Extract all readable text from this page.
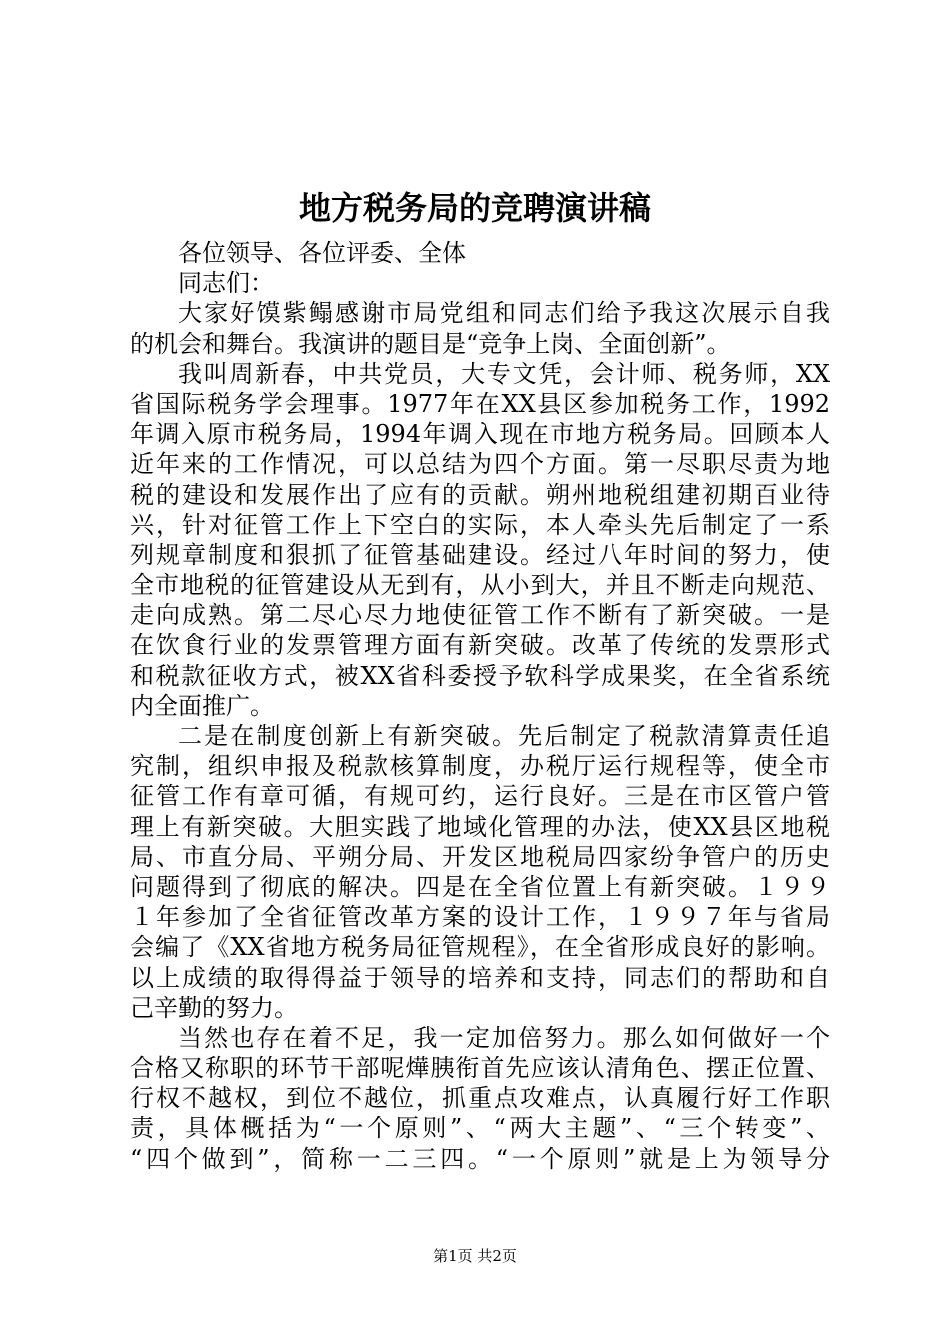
地方税务局的竞聘演讲稿
各位领导、各位评委、全体
同志们：
大家好馍紫鳎感谢市局党组和同志们给予我这次展示自我
的机会和舞台。我演讲的题目是“竞争上岗、全面创新”。
我叫周新春，中共党员，大专文凭，会计师、税务师，XX
省国际税务学会理事。1977年在XX县区参加税务工作，1992
年调入原市税务局，1994年调入现在市地方税务局。回顾本人
近年来的工作情况，可以总结为四个方面。第一尽职尽责为地
税的建设和发展作出了应有的贡献。朔州地税组建初期百业待
兴，针对征管工作上下空白的实际，本人牵头先后制定了一系
列规章制度和狠抓了征管基础建设。经过八年时间的努力，使
全市地税的征管建设从无到有，从小到大，并且不断走向规范、
走向成熟。第二尽心尽力地使征管工作不断有了新突破。一是
在饮食行业的发票管理方面有新突破。改革了传统的发票形式
和税款征收方式，被XX省科委授予软科学成果奖，在全省系统
内全面推广。
二是在制度创新上有新突破。先后制定了税款清算责任追
究制，组织申报及税款核算制度，办税厅运行规程等，使全市
征管工作有章可循，有规可约，运行良好。三是在市区管户管
理上有新突破。大胆实践了地域化管理的办法，使XX县区地税
局、市直分局、平朔分局、开发区地税局四家纷争管户的历史
问题得到了彻底的解决。四是在全省位置上有新突破。１９９
１年参加了全省征管改革方案的设计工作，１９９７年与省局
会编了《XX省地方税务局征管规程》，在全省形成良好的影响。
以上成绩的取得得益于领导的培养和支持，同志们的帮助和自
己辛勤的努力。
当然也存在着不足，我一定加倍努力。那么如何做好一个
合格又称职的环节干部呢燁胰衔首先应该认清角色、摆正位置、
行权不越权，到位不越位，抓重点攻难点，认真履行好工作职
责，具体概括为“一个原则”、“两大主题”、“三个转变”、
“四个做到”，简称一二三四。“一个原则”就是上为领导分
第1页 共2页
